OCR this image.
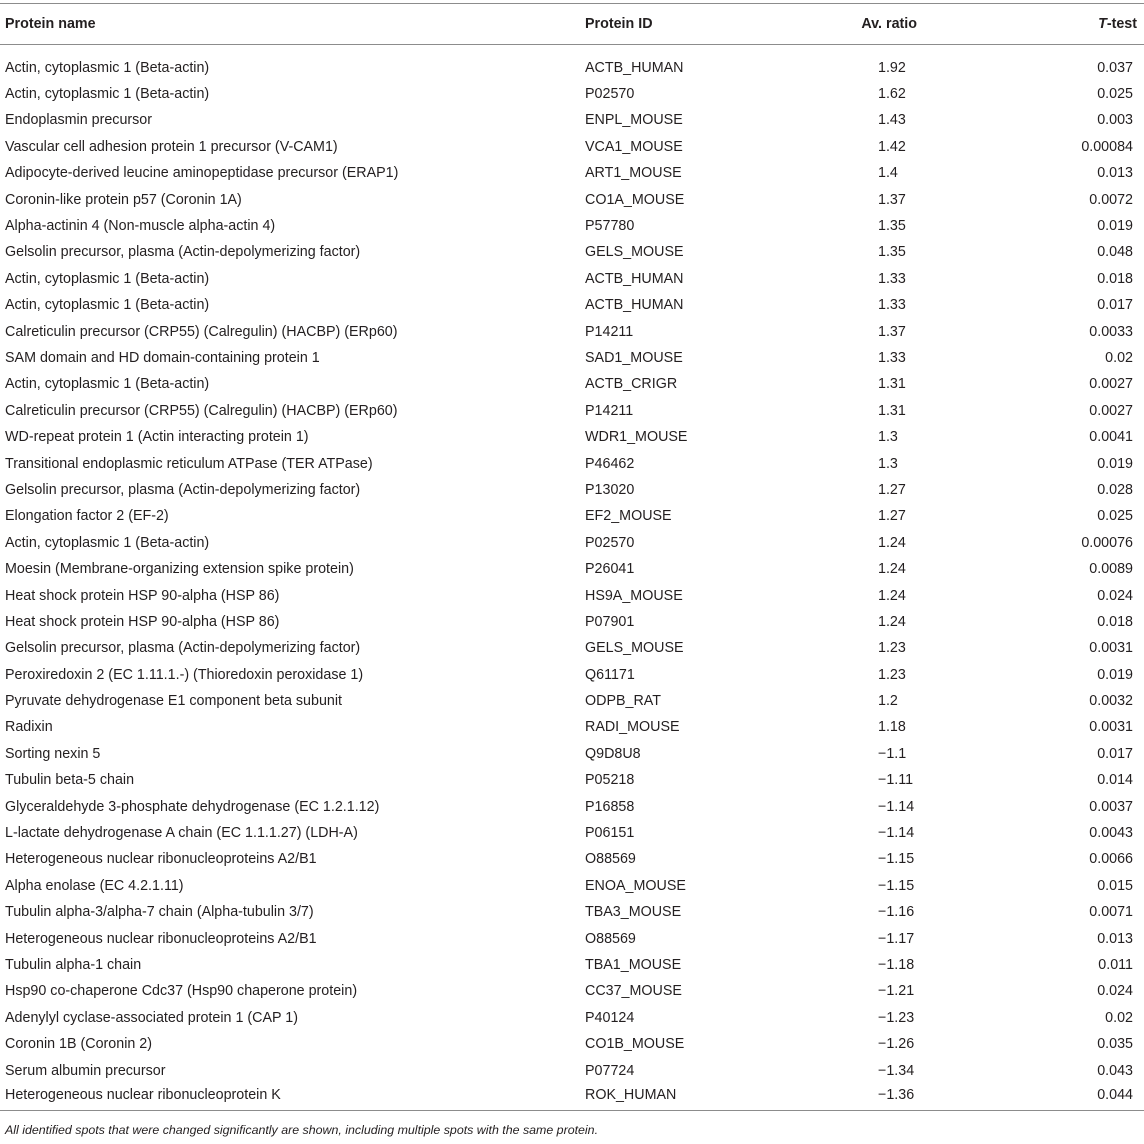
Protein name	Protein ID	Av. ratio	T-test
Actin, cytoplasmic 1 (Beta-actin)	ACTB_HUMAN	1.92	0.037
Actin, cytoplasmic 1 (Beta-actin)	P02570	1.62	0.025
Endoplasmin precursor	ENPL_MOUSE	1.43	0.003
Vascular cell adhesion protein 1 precursor (V-CAM1)	VCA1_MOUSE	1.42	0.00084
Adipocyte-derived leucine aminopeptidase precursor (ERAP1)	ART1_MOUSE	1.4	0.013
Coronin-like protein p57 (Coronin 1A)	CO1A_MOUSE	1.37	0.0072
Alpha-actinin 4 (Non-muscle alpha-actin 4)	P57780	1.35	0.019
Gelsolin precursor, plasma (Actin-depolymerizing factor)	GELS_MOUSE	1.35	0.048
Actin, cytoplasmic 1 (Beta-actin)	ACTB_HUMAN	1.33	0.018
Actin, cytoplasmic 1 (Beta-actin)	ACTB_HUMAN	1.33	0.017
Calreticulin precursor (CRP55) (Calregulin) (HACBP) (ERp60)	P14211	1.37	0.0033
SAM domain and HD domain-containing protein 1	SAD1_MOUSE	1.33	0.02
Actin, cytoplasmic 1 (Beta-actin)	ACTB_CRIGR	1.31	0.0027
Calreticulin precursor (CRP55) (Calregulin) (HACBP) (ERp60)	P14211	1.31	0.0027
WD-repeat protein 1 (Actin interacting protein 1)	WDR1_MOUSE	1.3	0.0041
Transitional endoplasmic reticulum ATPase (TER ATPase)	P46462	1.3	0.019
Gelsolin precursor, plasma (Actin-depolymerizing factor)	P13020	1.27	0.028
Elongation factor 2 (EF-2)	EF2_MOUSE	1.27	0.025
Actin, cytoplasmic 1 (Beta-actin)	P02570	1.24	0.00076
Moesin (Membrane-organizing extension spike protein)	P26041	1.24	0.0089
Heat shock protein HSP 90-alpha (HSP 86)	HS9A_MOUSE	1.24	0.024
Heat shock protein HSP 90-alpha (HSP 86)	P07901	1.24	0.018
Gelsolin precursor, plasma (Actin-depolymerizing factor)	GELS_MOUSE	1.23	0.0031
Peroxiredoxin 2 (EC 1.11.1.-) (Thioredoxin peroxidase 1)	Q61171	1.23	0.019
Pyruvate dehydrogenase E1 component beta subunit	ODPB_RAT	1.2	0.0032
Radixin	RADI_MOUSE	1.18	0.0031
Sorting nexin 5	Q9D8U8	−1.1	0.017
Tubulin beta-5 chain	P05218	−1.11	0.014
Glyceraldehyde 3-phosphate dehydrogenase (EC 1.2.1.12)	P16858	−1.14	0.0037
L-lactate dehydrogenase A chain (EC 1.1.1.27) (LDH-A)	P06151	−1.14	0.0043
Heterogeneous nuclear ribonucleoproteins A2/B1	O88569	−1.15	0.0066
Alpha enolase (EC 4.2.1.11)	ENOA_MOUSE	−1.15	0.015
Tubulin alpha-3/alpha-7 chain (Alpha-tubulin 3/7)	TBA3_MOUSE	−1.16	0.0071
Heterogeneous nuclear ribonucleoproteins A2/B1	O88569	−1.17	0.013
Tubulin alpha-1 chain	TBA1_MOUSE	−1.18	0.011
Hsp90 co-chaperone Cdc37 (Hsp90 chaperone protein)	CC37_MOUSE	−1.21	0.024
Adenylyl cyclase-associated protein 1 (CAP 1)	P40124	−1.23	0.02
Coronin 1B (Coronin 2)	CO1B_MOUSE	−1.26	0.035
Serum albumin precursor	P07724	−1.34	0.043
Heterogeneous nuclear ribonucleoprotein K	ROK_HUMAN	−1.36	0.044
All identified spots that were changed significantly are shown, including multiple spots with the same protein.
